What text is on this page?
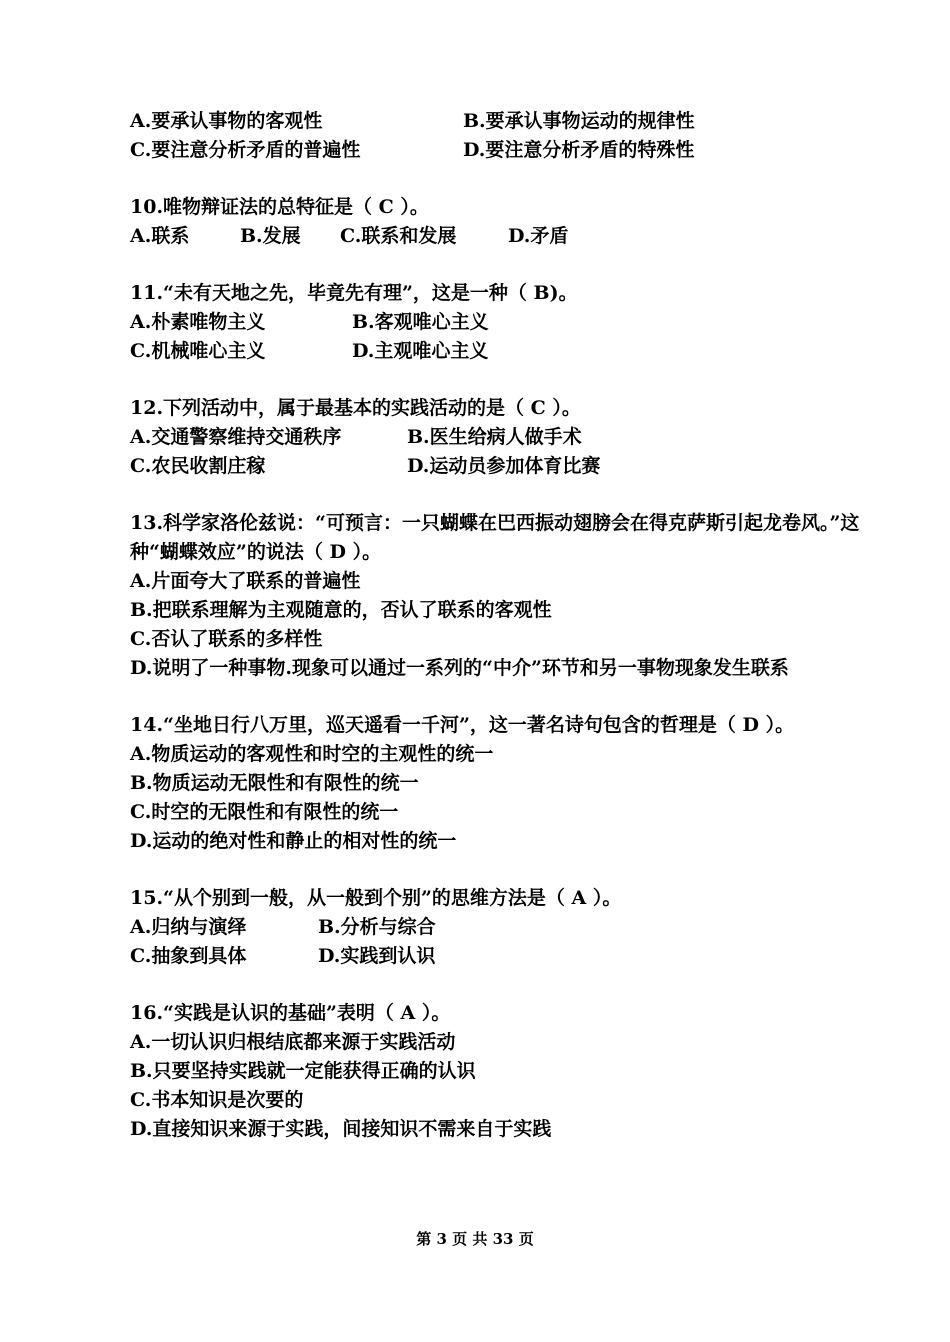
A.要承认事物的客观性	B.要承认事物运动的规律性
C.要注意分析矛盾的普遍性	D.要注意分析矛盾的特殊性
10.唯物辩证法的总特征是（ C ）。
A.联系	B.发展	C.联系和发展	D.矛盾
11.“未有天地之先，毕竟先有理”，这是一种（ B)。
A.朴素唯物主义	B.客观唯心主义
C.机械唯心主义	D.主观唯心主义
12.下列活动中，属于最基本的实践活动的是（ C ）。
A.交通警察维持交通秩序	B.医生给病人做手术
C.农民收割庄稼	D.运动员参加体育比赛
13.科学家洛伦兹说：“可预言：一只蝴蝶在巴西振动翅膀会在得克萨斯引起龙卷风。”这种“蝴蝶效应”的说法（ D ）。
A.片面夸大了联系的普遍性
B.把联系理解为主观随意的，否认了联系的客观性
C.否认了联系的多样性
D.说明了一种事物.现象可以通过一系列的“中介”环节和另一事物现象发生联系
14.“坐地日行八万里，巡天遥看一千河”，这一著名诗句包含的哲理是（ D ）。
A.物质运动的客观性和时空的主观性的统一
B.物质运动无限性和有限性的统一
C.时空的无限性和有限性的统一
D.运动的绝对性和静止的相对性的统一
15.“从个别到一般，从一般到个别”的思维方法是（ A ）。
A.归纳与演绎	B.分析与综合
C.抽象到具体	D.实践到认识
16.“实践是认识的基础”表明（ A ）。
A.一切认识归根结底都来源于实践活动
B.只要坚持实践就一定能获得正确的认识
C.书本知识是次要的
D.直接知识来源于实践，间接知识不需来自于实践
第 3 页 共 33 页
